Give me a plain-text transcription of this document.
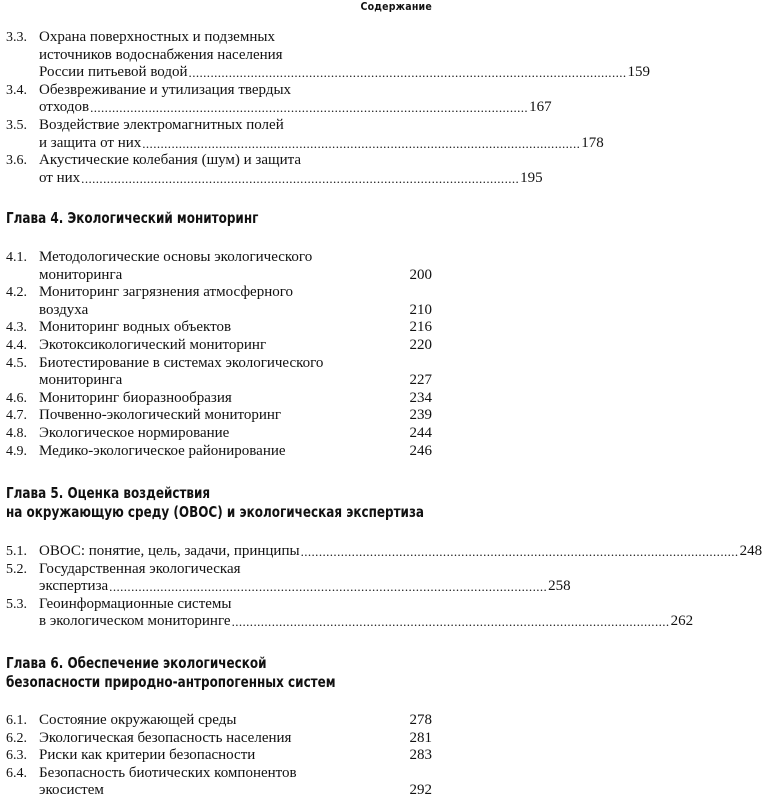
Содержание
Глава 4. Экологический мониторинг
Глава 5. Оценка воздействия
на окружающую среду (ОВОС) и экологическая экспертиза
Глава 6. Обеспечение экологической
безопасности природно-антропогенных систем
3.3. Охрана поверхностных и подземных
источников водоснабжения населения
России питьевой водой ........................................................................................................................ 159
3.4. Обезвреживание и утилизация твердых
отходов ........................................................................................................................ 167
3.5. Воздействие электромагнитных полей
и защита от них ........................................................................................................................ 178
3.6. Акустические колебания (шум) и защита
от них ........................................................................................................................ 195
4.1. Методологические основы экологического
мониторинга	200
4.2. Мониторинг загрязнения атмосферного
воздуха	210
4.3. Мониторинг водных объектов	216
4.4. Экотоксикологический мониторинг	220
4.5. Биотестирование в системах экологического
мониторинга	227
4.6. Мониторинг биоразнообразия	234
4.7. Почвенно-экологический мониторинг	239
4.8. Экологическое нормирование	244
4.9. Медико-экологическое районирование	246
5.1. ОВОС: понятие, цель, задачи, принципы ........................................................................................................................ 248
5.2. Государственная экологическая
экспертиза ........................................................................................................................ 258
5.3. Геоинформационные системы
в экологическом мониторинге ........................................................................................................................ 262
6.1. Состояние окружающей среды	278
6.2. Экологическая безопасность населения	281
6.3. Риски как критерии безопасности	283
6.4. Безопасность биотических компонентов
экосистем	292
